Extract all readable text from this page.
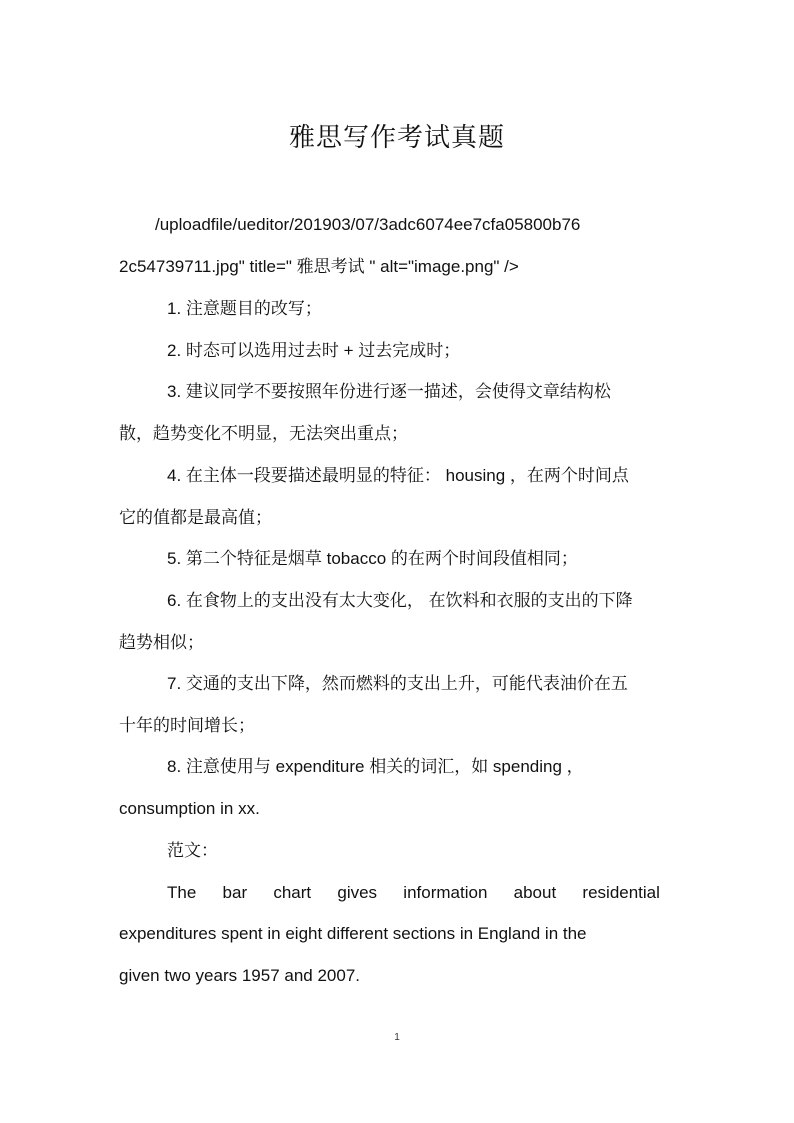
雅思写作考试真题
/uploadfile/ueditor/201903/07/3adc6074ee7cfa05800b76
2c54739711.jpg" title=" 雅思考试 " alt="image.png" />
1. 注意题目的改写；
2. 时态可以选用过去时 + 过去完成时；
3. 建议同学不要按照年份进行逐一描述，会使得文章结构松
散，趋势变化不明显，无法突出重点；
4. 在主体一段要描述最明显的特征： housing ，在两个时间点
它的值都是最高值；
5. 第二个特征是烟草 tobacco 的在两个时间段值相同；
6. 在食物上的支出没有太大变化， 在饮料和衣服的支出的下降
趋势相似；
7. 交通的支出下降，然而燃料的支出上升，可能代表油价在五
十年的时间增长；
8. 注意使用与 expenditure 相关的词汇，如 spending ，
consumption in xx.
范文：
The bar chart gives information about residential
expenditures spent in eight different sections in England in the
given two years 1957 and 2007.
1
